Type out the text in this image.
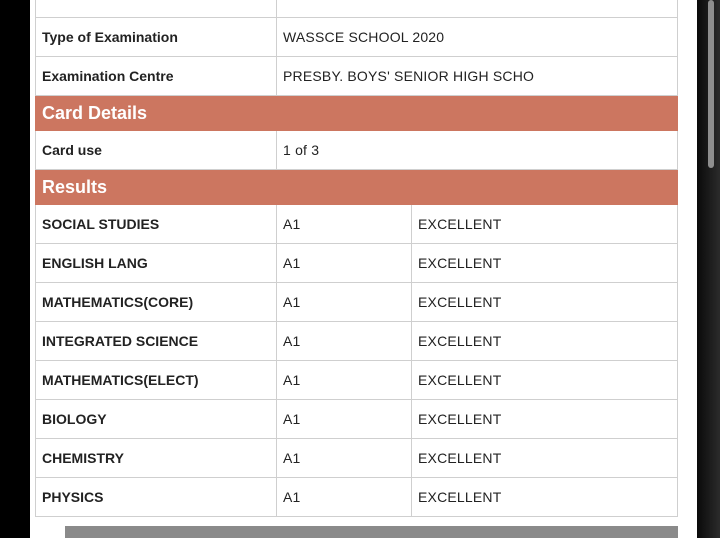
Type of Examination	WASSCE SCHOOL 2020	
Examination Centre	PRESBY. BOYS' SENIOR HIGH SCHO	
Card Details		
Card use	1 of 3	
Results		
SOCIAL STUDIES	A1	EXCELLENT
ENGLISH LANG	A1	EXCELLENT
MATHEMATICS(CORE)	A1	EXCELLENT
INTEGRATED SCIENCE	A1	EXCELLENT
MATHEMATICS(ELECT)	A1	EXCELLENT
BIOLOGY	A1	EXCELLENT
CHEMISTRY	A1	EXCELLENT
PHYSICS	A1	EXCELLENT
